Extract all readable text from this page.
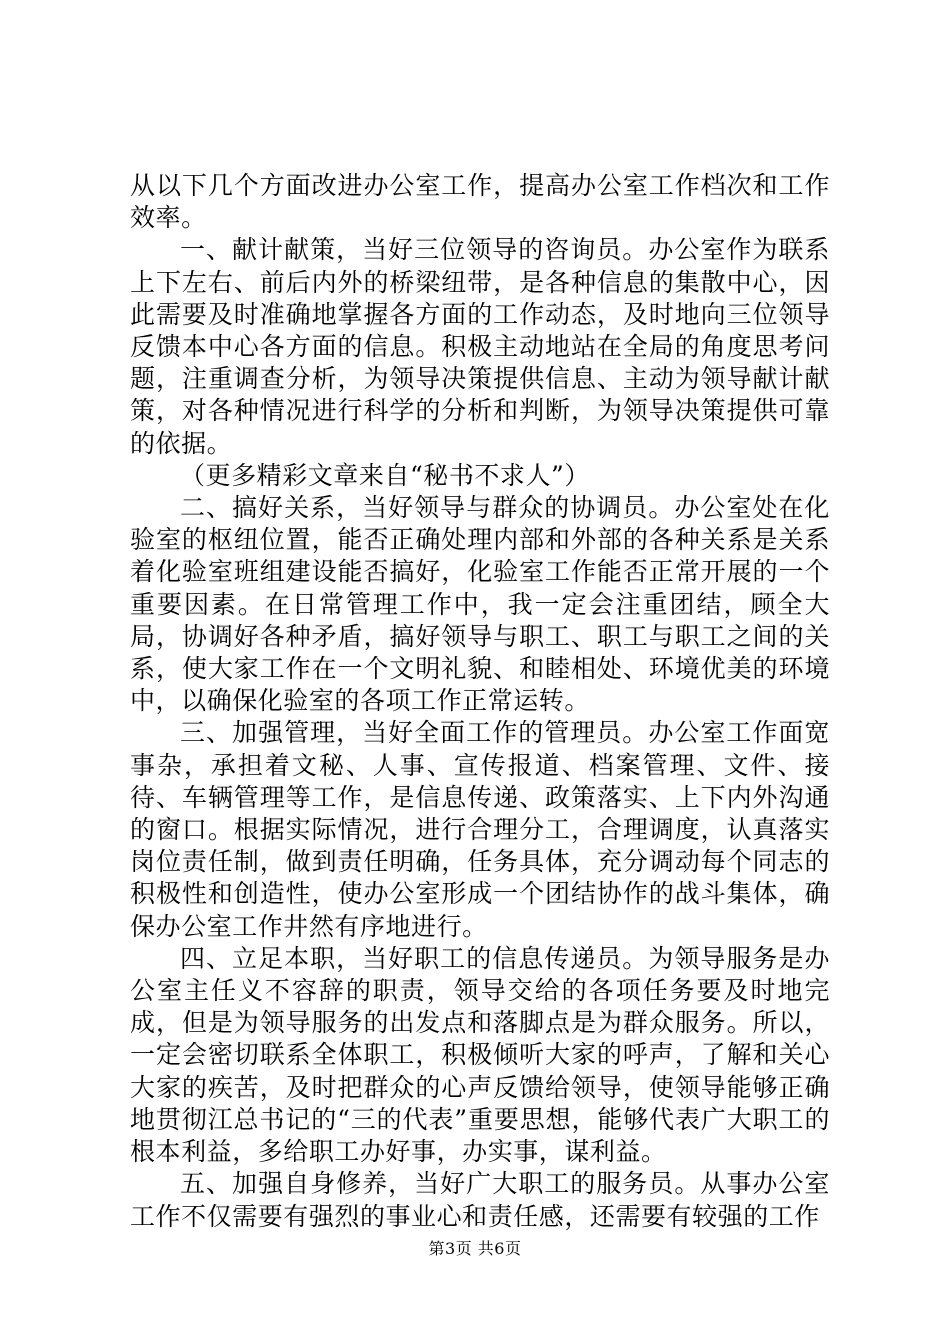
从以下几个方面改进办公室工作，提高办公室工作档次和工作效率。

一、献计献策，当好三位领导的咨询员。办公室作为联系上下左右、前后内外的桥梁纽带，是各种信息的集散中心，因此需要及时准确地掌握各方面的工作动态，及时地向三位领导反馈本中心各方面的信息。积极主动地站在全局的角度思考问题，注重调查分析，为领导决策提供信息、主动为领导献计献策，对各种情况进行科学的分析和判断，为领导决策提供可靠的依据。

（更多精彩文章来自“秘书不求人”）

二、搞好关系，当好领导与群众的协调员。办公室处在化验室的枢纽位置，能否正确处理内部和外部的各种关系是关系着化验室班组建设能否搞好，化验室工作能否正常开展的一个重要因素。在日常管理工作中，我一定会注重团结，顾全大局，协调好各种矛盾，搞好领导与职工、职工与职工之间的关系，使大家工作在一个文明礼貌、和睦相处、环境优美的环境中，以确保化验室的各项工作正常运转。

三、加强管理，当好全面工作的管理员。办公室工作面宽事杂，承担着文秘、人事、宣传报道、档案管理、文件、接待、车辆管理等工作，是信息传递、政策落实、上下内外沟通的窗口。根据实际情况，进行合理分工，合理调度，认真落实岗位责任制，做到责任明确，任务具体，充分调动每个同志的积极性和创造性，使办公室形成一个团结协作的战斗集体，确保办公室工作井然有序地进行。

四、立足本职，当好职工的信息传递员。为领导服务是办公室主任义不容辞的职责，领导交给的各项任务要及时地完成，但是为领导服务的出发点和落脚点是为群众服务。所以，一定会密切联系全体职工，积极倾听大家的呼声，了解和关心大家的疾苦，及时把群众的心声反馈给领导，使领导能够正确地贯彻江总书记的“三的代表”重要思想，能够代表广大职工的根本利益，多给职工办好事，办实事，谋利益。

五、加强自身修养，当好广大职工的服务员。从事办公室工作不仅需要有强烈的事业心和责任感，还需要有较强的工作

第3页 共6页
